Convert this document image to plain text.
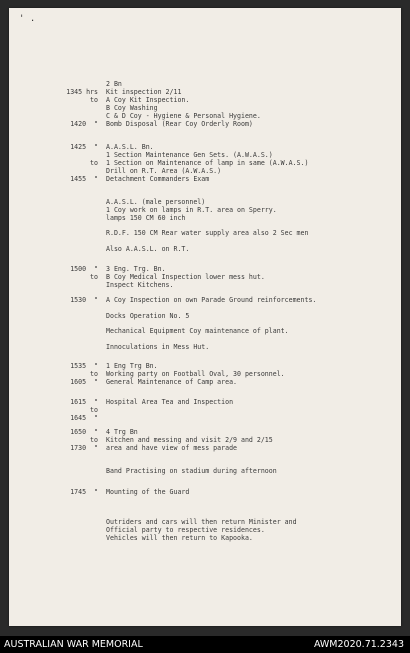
' .
2 Bn
1345 hrs Kit inspection 2/11
to A Coy Kit Inspection.
B Coy Washing
C & D Coy - Hygiene & Personal Hygiene.
1420  " Bomb Disposal (Rear Coy Orderly Room)
1425  " A.A.S.L. Bn.
1 Section Maintenance Gen Sets. (A.W.A.S.)
to 1 Section on Maintenance of lamp in same (A.W.A.S.)
Drill on R.T. Area (A.W.A.S.)
1455  " Detachment Commanders Exam
A.A.S.L. (male personnel)
1 Coy work on lamps in R.T. area on Sperry.
lamps 150 CM 60 inch
R.D.F. 150 CM Rear water supply area also 2 Sec men
Also A.A.S.L. on R.T.
1500  " 3 Eng. Trg. Bn.
to B Coy Medical Inspection lower mess hut.
Inspect Kitchens.
1530  " A Coy Inspection on own Parade Ground reinforcements.
Docks Operation No. 5
Mechanical Equipment Coy maintenance of plant.
Innoculations in Mess Hut.
1535  " 1 Eng Trg Bn.
to Working party on Football Oval, 30 personnel.
1605  " General Maintenance of Camp area.
1615  " Hospital Area Tea and Inspection
to
1645  "
1650  " 4 Trg Bn
to Kitchen and messing and visit 2/9 and 2/15
1730  " area and have view of mess parade
Band Practising on stadium during afternoon
1745  " Mounting of the Guard
Outriders and cars will then return Minister and
Official party to respective residences.
Vehicles will then return to Kapooka.
AUSTRALIAN WAR MEMORIAL	AWM2020.71.2343
